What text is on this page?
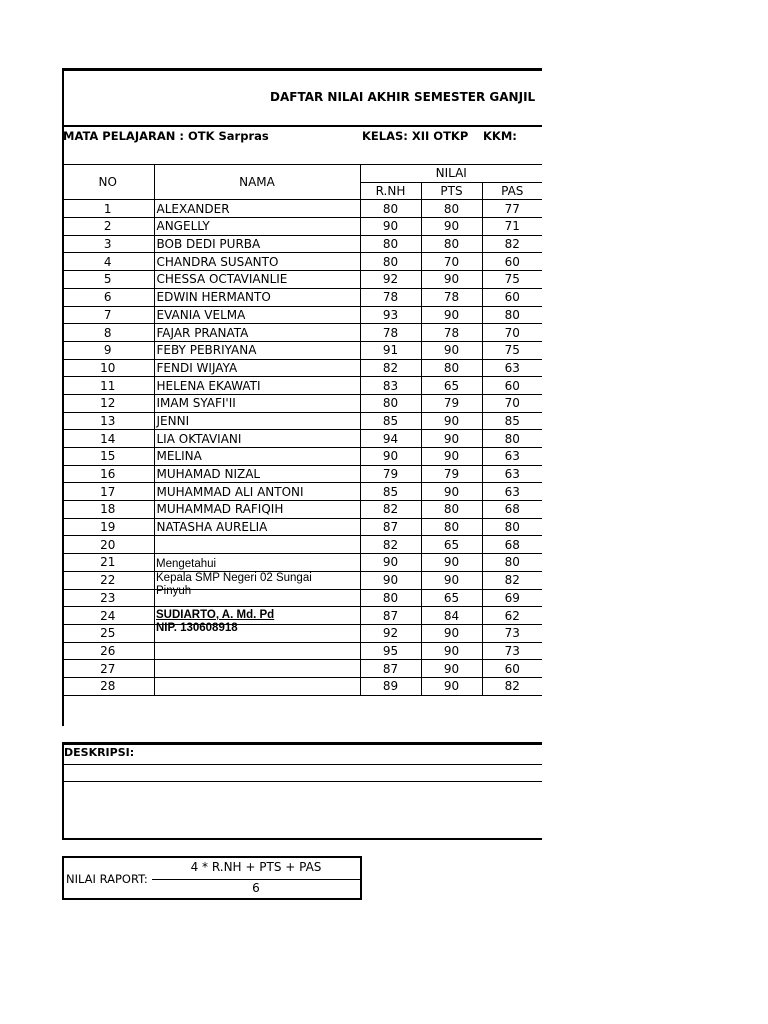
DAFTAR NILAI AKHIR SEMESTER GANJIL
MATA PELAJARAN : OTK Sarpras	KELAS: XII OTKP KKM:
NO	NAMA	NILAI		
		R.NH	PTS	PAS
1	ALEXANDER	80	80	77
2	ANGELLY	90	90	71
3	BOB DEDI PURBA	80	80	82
4	CHANDRA SUSANTO	80	70	60
5	CHESSA OCTAVIANLIE	92	90	75
6	EDWIN HERMANTO	78	78	60
7	EVANIA VELMA	93	90	80
8	FAJAR PRANATA	78	78	70
9	FEBY PEBRIYANA	91	90	75
10	FENDI WIJAYA	82	80	63
11	HELENA EKAWATI	83	65	60
12	IMAM SYAFI'II	80	79	70
13	JENNI	85	90	85
14	LIA OKTAVIANI	94	90	80
15	MELINA	90	90	63
16	MUHAMAD NIZAL	79	79	63
17	MUHAMMAD ALI ANTONI	85	90	63
18	MUHAMMAD RAFIQIH	82	80	68
19	NATASHA AURELIA	87	80	80
20		82	65	68
21		90	90	80
22		90	90	82
23		80	65	69
24		87	84	62
25		92	90	73
26		95	90	73
27		87	90	60
28		89	90	82
Mengetahui
Kepala SMP Negeri 02 Sungai
Pinyuh
SUDIARTO, A. Md. Pd
NIP. 130608918
DESKRIPSI:
NILAI RAPORT:
4 * R.NH + PTS + PAS
6
